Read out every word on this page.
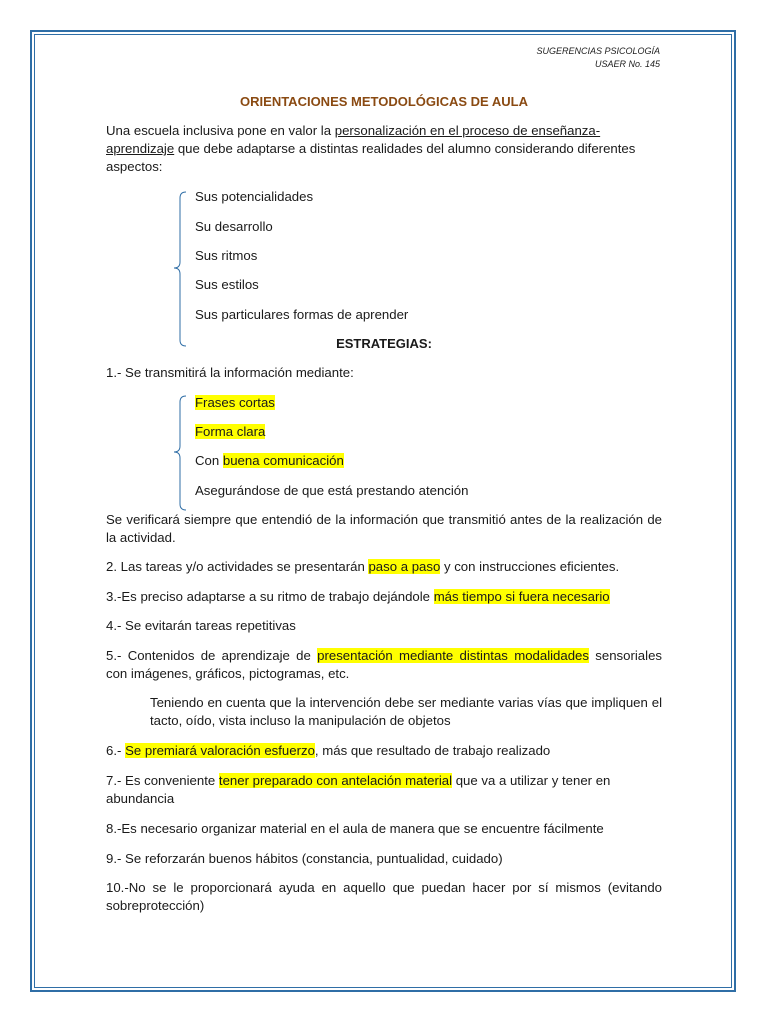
SUGERENCIAS PSICOLOGÍA
USAER No. 145
ORIENTACIONES METODOLÓGICAS DE AULA
Una escuela inclusiva pone en valor la personalización en el proceso de enseñanza-aprendizaje que debe adaptarse a distintas realidades del alumno considerando diferentes aspectos:
Sus potencialidades
Su desarrollo
Sus ritmos
Sus estilos
Sus particulares formas de aprender
ESTRATEGIAS:
1.- Se transmitirá la información mediante:
Frases cortas
Forma clara
Con buena comunicación
Asegurándose de que está prestando atención
Se verificará siempre que entendió de la información que transmitió antes de la realización de la actividad.
2. Las tareas y/o actividades se presentarán paso a paso y con instrucciones eficientes.
3.-Es preciso adaptarse a su ritmo de trabajo dejándole más tiempo si fuera necesario
4.- Se evitarán tareas repetitivas
5.- Contenidos de aprendizaje de presentación mediante distintas modalidades sensoriales con imágenes, gráficos, pictogramas, etc.
Teniendo en cuenta que la intervención debe ser mediante varias vías que impliquen el tacto, oído, vista incluso la manipulación de objetos
6.- Se premiará valoración esfuerzo, más que resultado de trabajo realizado
7.- Es conveniente tener preparado con antelación material que va a utilizar y tener en abundancia
8.-Es necesario organizar material en el aula de manera que se encuentre fácilmente
9.- Se reforzarán buenos hábitos (constancia, puntualidad, cuidado)
10.-No se le proporcionará ayuda en aquello que puedan hacer por sí mismos (evitando sobreprotección)
